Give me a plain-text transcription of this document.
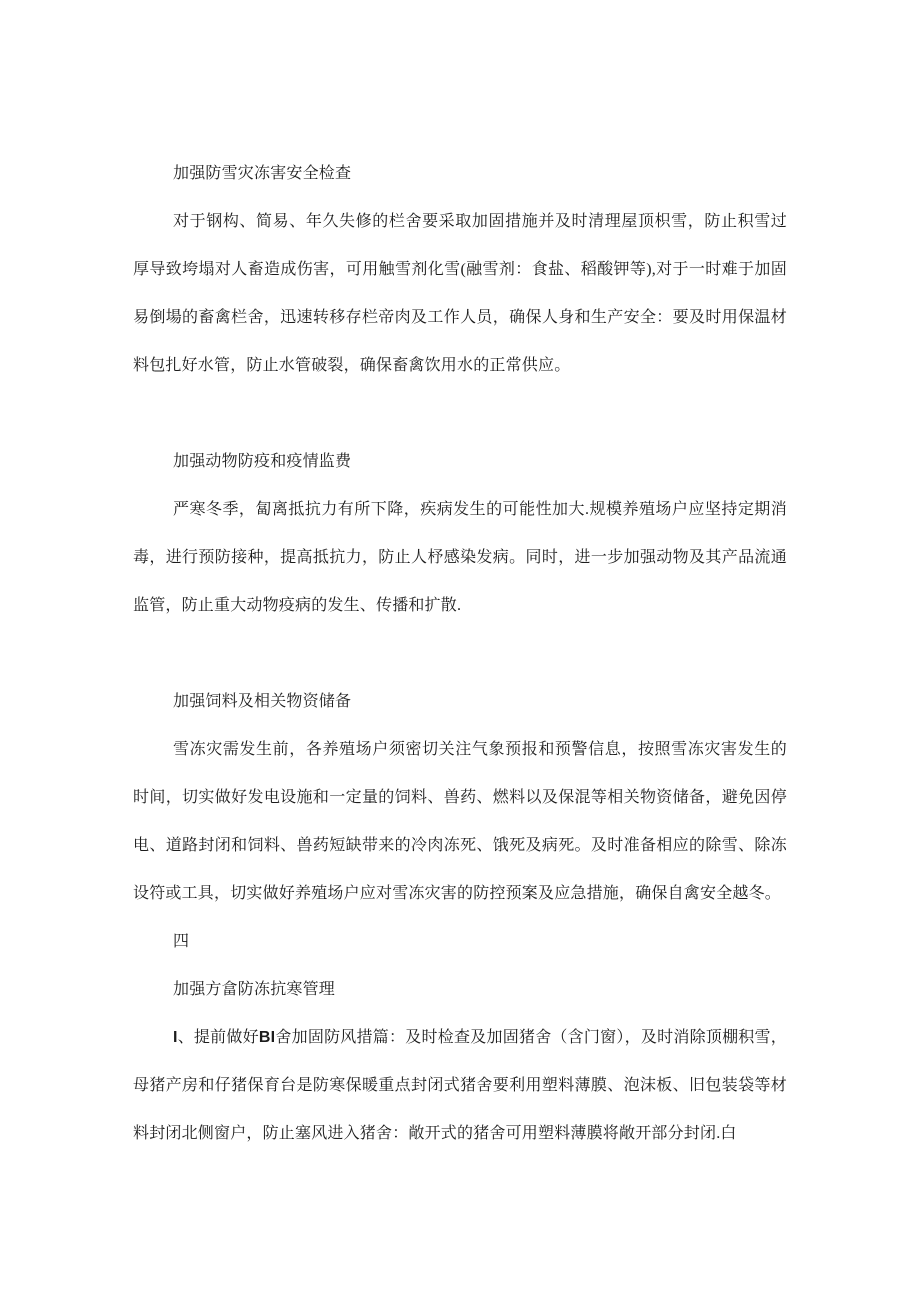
加强防雪灾冻害安全检查

对于钢构、简易、年久失修的栏舍要采取加固措施并及时清理屋顶枳雪，防止积雪过厚导致垮塌对人畜造成伤害，可用触雪剂化雪(融雪剂：食盐、稻酸钾等),对于一时难于加固易倒場的畜禽栏舍，迅速转移存栏帝肉及工作人员，确保人身和生产安全：要及时用保温材料包扎好水管，防止水管破裂，确保畜禽饮用水的正常供应。

加强动物防疫和疫情监费

严寒冬季，匐离抵抗力有所下降，疾病发生的可能性加大.规模养殖场户应坚持定期消毒，进行预防接种，提高抵抗力，防止人杼感染发病。同时，进一步加强动物及其产品流通监管，防止重大动物疫病的发生、传播和扩散.

加强饲料及相关物资储备

雪冻灾需发生前，各养殖场户须密切关注气象预报和预警信息，按照雪冻灾害发生的时间，切实做好发电设施和一定量的饲料、兽药、燃料以及保混等相关物资储备，避免因停电、道路封闭和饲料、兽药短缺带来的冷肉冻死、饿死及病死。及时准备相应的除雪、除冻设符或工具，切实做好养殖场户应对雪冻灾害的防控预案及应急措施，确保自禽安全越冬。

四

加强方畣防冻抗寒管理

I、提前做好BI舍加固防风措篇：及时检查及加固猪舍（含门窗），及时消除顶棚积雪，母猪产房和仔猪保育台是防寒保暖重点封闭式猪舍要利用塑料薄膜、泡沫板、旧包装袋等材料封闭北侧窗户，防止塞风进入猪舍：敞开式的猪舍可用塑料薄膜将敞开部分封闭.白
